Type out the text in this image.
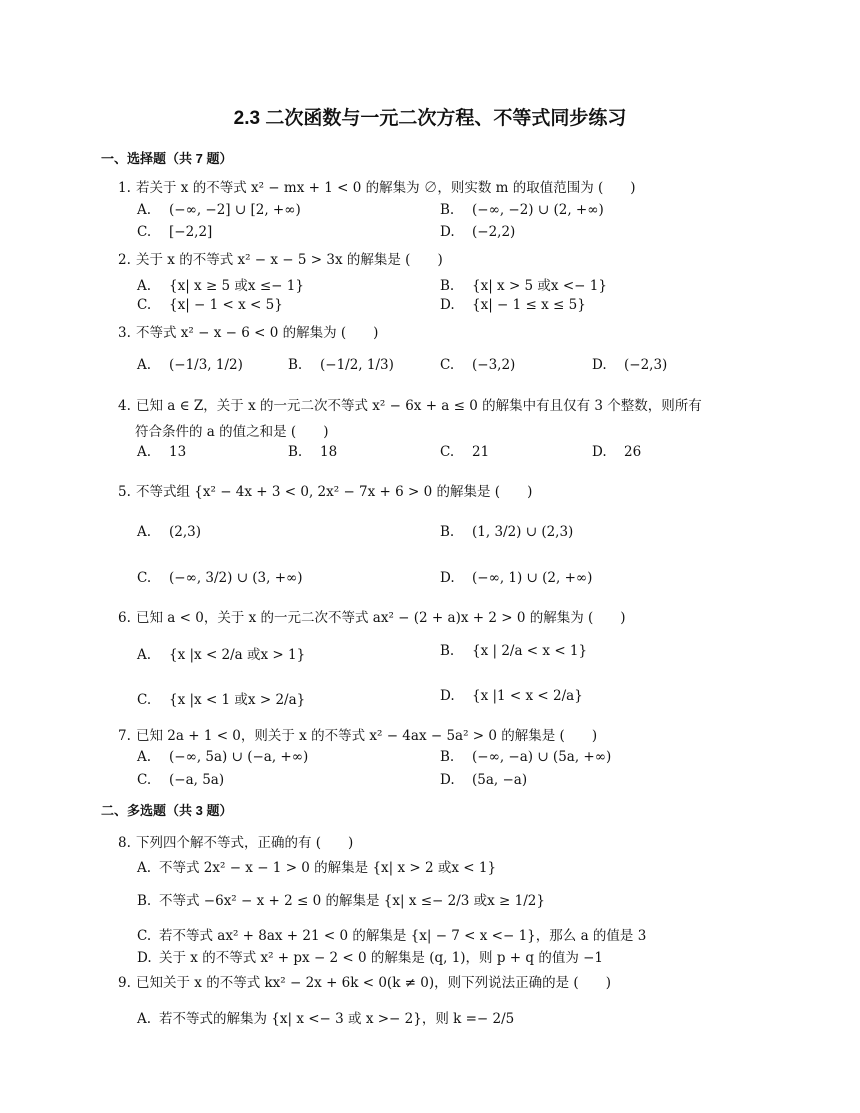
2.3 二次函数与一元二次方程、不等式同步练习
一、选择题（共 7 题）
1. 若关于 x 的不等式 x² − mx + 1 < 0 的解集为 ∅，则实数 m 的取值范围为 (　　)
A. (−∞, −2] ∪ [2, +∞)	B. (−∞, −2) ∪ (2, +∞)
C. [−2,2]	D. (−2,2)
2. 关于 x 的不等式 x² − x − 5 > 3x 的解集是 (　　)
A. {x| x ≥ 5 或x ≤− 1}	B. {x| x > 5 或x <− 1}
C. {x| − 1 < x < 5}	D. {x| − 1 ≤ x ≤ 5}
3. 不等式 x² − x − 6 < 0 的解集为 (　　)
A. (−1/3, 1/2)	B. (−1/2, 1/3)	C. (−3,2)	D. (−2,3)
4. 已知 a ∈ Z，关于 x 的一元二次不等式 x² − 6x + a ≤ 0 的解集中有且仅有 3 个整数，则所有
符合条件的 a 的值之和是 (　　)
A. 13	B. 18	C. 21	D. 26
5. 不等式组 {x² − 4x + 3 < 0, 2x² − 7x + 6 > 0 的解集是 (　　)
A. (2,3)	B. (1, 3/2) ∪ (2,3)
C. (−∞, 3/2) ∪ (3, +∞)	D. (−∞, 1) ∪ (2, +∞)
6. 已知 a < 0，关于 x 的一元二次不等式 ax² − (2 + a)x + 2 > 0 的解集为 (　　)
A. {x |x < 2/a 或x > 1}	B. {x | 2/a < x < 1}
C. {x |x < 1 或x > 2/a}	D. {x |1 < x < 2/a}
7. 已知 2a + 1 < 0，则关于 x 的不等式 x² − 4ax − 5a² > 0 的解集是 (　　)
A. (−∞, 5a) ∪ (−a, +∞)	B. (−∞, −a) ∪ (5a, +∞)
C. (−a, 5a)	D. (5a, −a)
二、多选题（共 3 题）
8. 下列四个解不等式，正确的有 (　　)
A. 不等式 2x² − x − 1 > 0 的解集是 {x| x > 2 或x < 1}
B. 不等式 −6x² − x + 2 ≤ 0 的解集是 {x| x ≤− 2/3 或x ≥ 1/2}
C. 若不等式 ax² + 8ax + 21 < 0 的解集是 {x| − 7 < x <− 1}，那么 a 的值是 3
D. 关于 x 的不等式 x² + px − 2 < 0 的解集是 (q, 1)，则 p + q 的值为 −1
9. 已知关于 x 的不等式 kx² − 2x + 6k < 0(k ≠ 0)，则下列说法正确的是 (　　)
A. 若不等式的解集为 {x| x <− 3 或 x >− 2}，则 k =− 2/5
